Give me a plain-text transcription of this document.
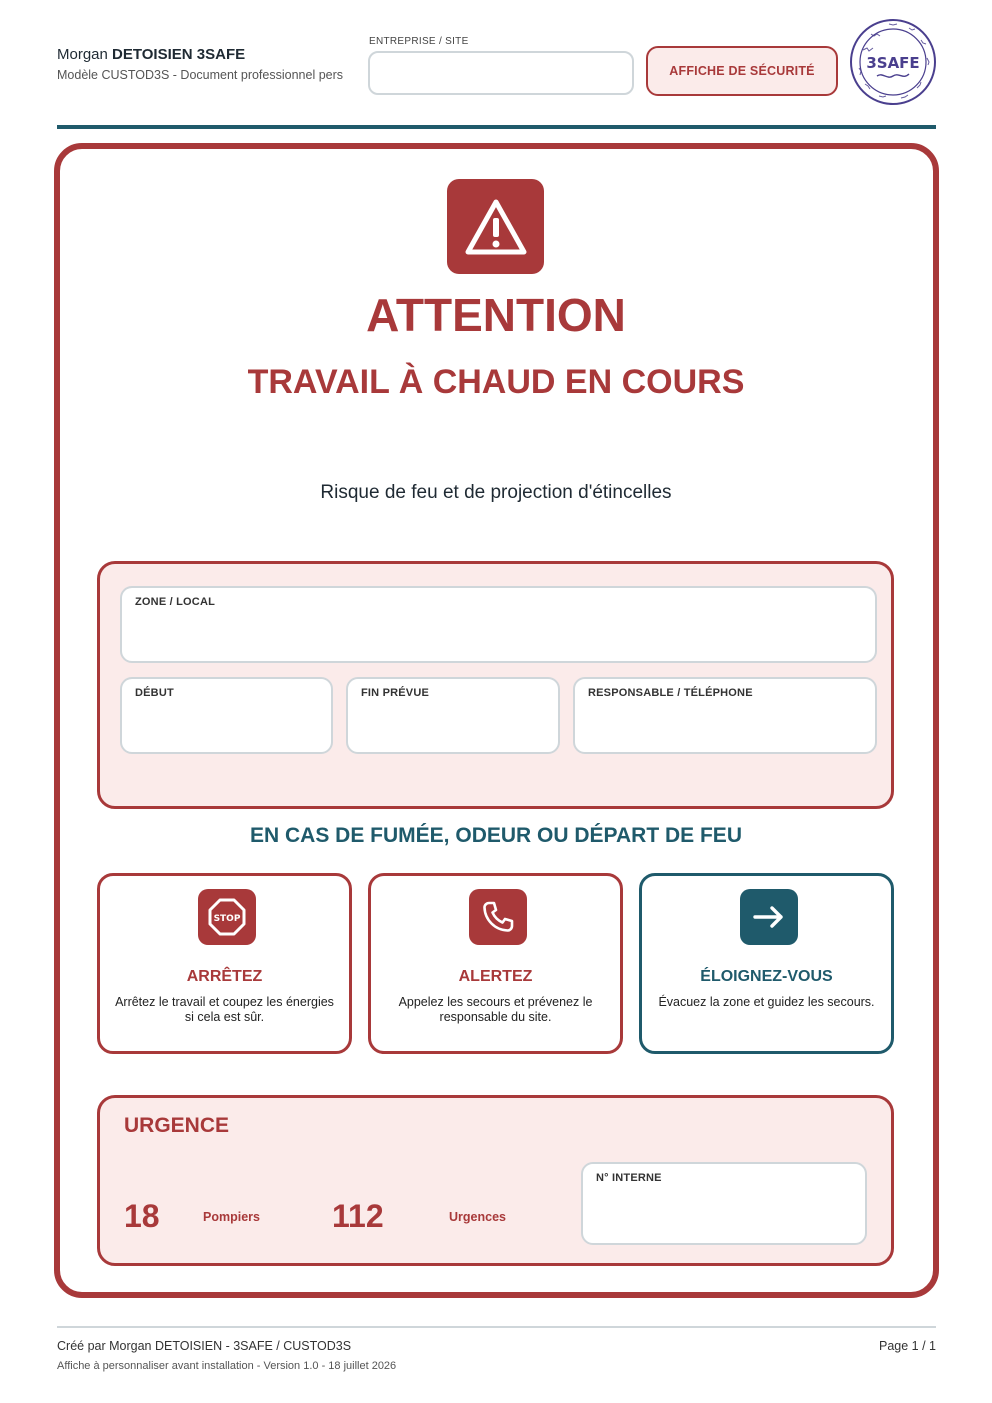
Morgan DETOISIEN 3SAFE
Modèle CUSTOD3S - Document professionnel pers
ENTREPRISE / SITE
AFFICHE DE SÉCURITÉ	3SAFE
ATTENTION
TRAVAIL À CHAUD EN COURS
Risque de feu et de projection d'étincelles
ZONE / LOCAL
DÉBUT	FIN PRÉVUE	RESPONSABLE / TÉLÉPHONE
EN CAS DE FUMÉE, ODEUR OU DÉPART DE FEU
STOP
ARRÊTEZ
Arrêtez le travail et coupez les énergies si cela est sûr.
ALERTEZ
Appelez les secours et prévenez le responsable du site.
ÉLOIGNEZ-VOUS
Évacuez la zone et guidez les secours.
URGENCE
18	Pompiers 112	Urgences
N° INTERNE
Créé par Morgan DETOISIEN - 3SAFE / CUSTOD3S
Affiche à personnaliser avant installation - Version 1.0 - 18 juillet 2026
Page 1 / 1
